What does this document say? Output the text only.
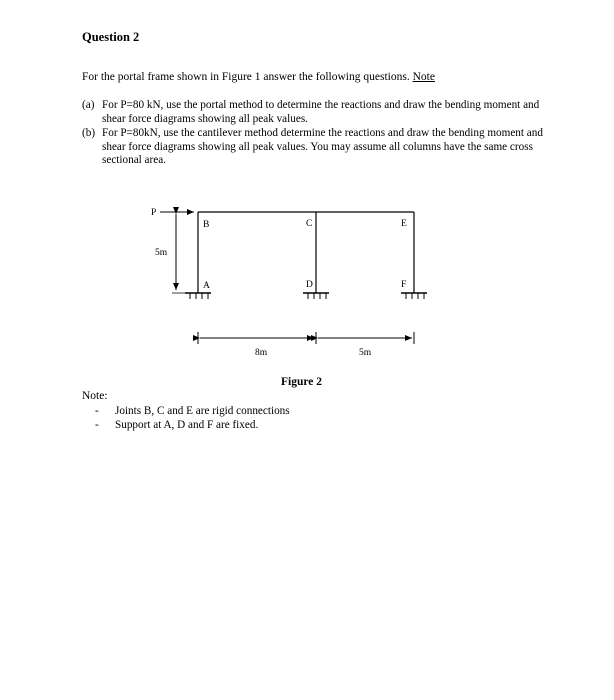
Question 2
For the portal frame shown in Figure 1 answer the following questions. Note
(a) For P=80 kN, use the portal method to determine the reactions and draw the bending moment and shear force diagrams showing all peak values.
(b) For P=80kN, use the cantilever method determine the reactions and draw the bending moment and shear force diagrams showing all peak values. You may assume all columns have the same cross sectional area.
P
5m
B	C	E
A	D	F
8m	5m
Figure 2
Note:
- Joints B, C and E are rigid connections
- Support at A, D and F are fixed.
